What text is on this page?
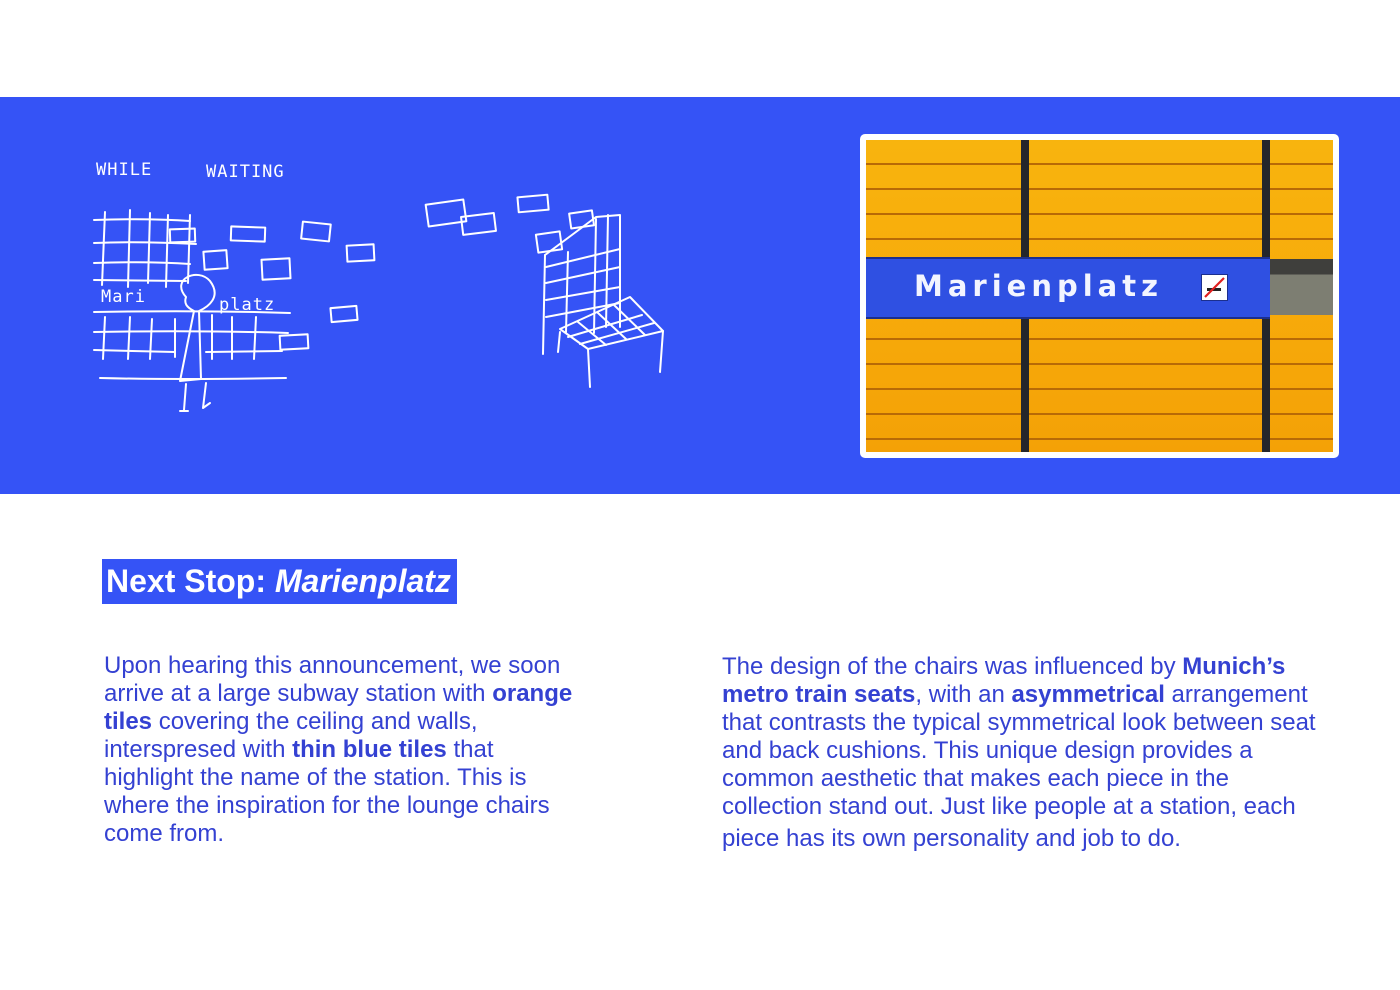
WHILE	WAITING
Mari	platz
Marienplatz
Next Stop: Marienplatz

Upon hearing this announcement, we soon arrive at a large subway station with orange tiles covering the ceiling and walls, interspresed with thin blue tiles that highlight the name of the station. This is where the inspiration for the lounge chairs come from.

The design of the chairs was influenced by Munich’s metro train seats, with an asymmetrical arrangement that contrasts the typical symmetrical look between seat and back cushions. This unique design provides a common aesthetic that makes each piece in the collection stand out. Just like people at a station, each
piece has its own personality and job to do.
